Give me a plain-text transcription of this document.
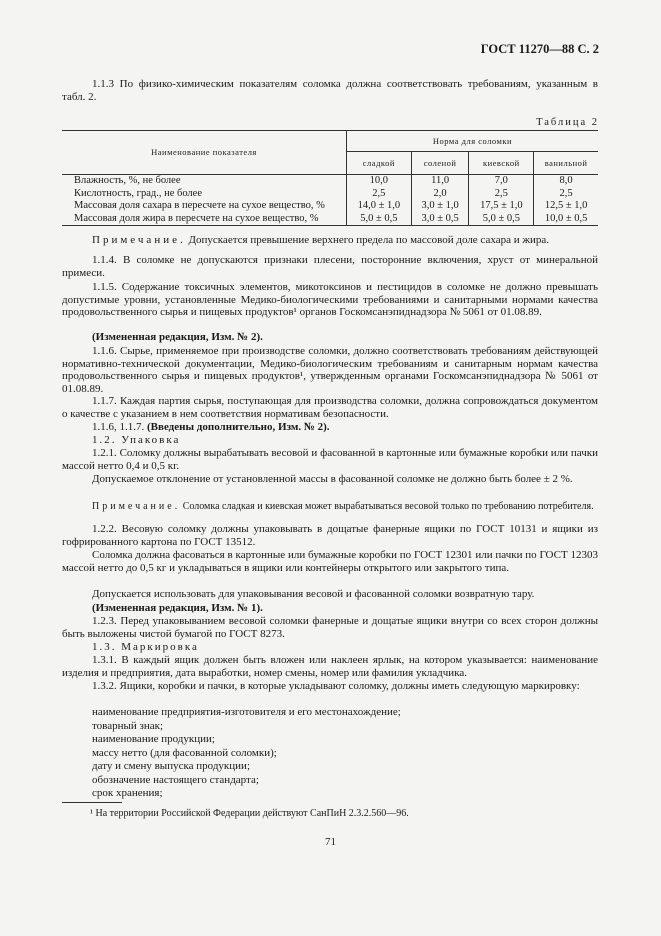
ГОСТ 11270—88 С. 2
1.1.3 По физико-химическим показателям соломка должна соответствовать требованиям, указанным в табл. 2.
Таблица 2
Наименование показателя	Норма для соломки			
	сладкой	соленой	киевской	ванильной
Влажность, %, не более	10,0	11,0	7,0	8,0
Кислотность, град., не более	2,5	2,0	2,5	2,5
Массовая доля сахара в пересчете на сухое вещество, %	14,0 ± 1,0	3,0 ± 1,0	17,5 ± 1,0	12,5 ± 1,0
Массовая доля жира в пересчете на сухое вещество, %	5,0 ± 0,5	3,0 ± 0,5	5,0 ± 0,5	10,0 ± 0,5
Примечание. Допускается превышение верхнего предела по массовой доле сахара и жира.
1.1.4. В соломке не допускаются признаки плесени, посторонние включения, хруст от минеральной примеси.
1.1.5. Содержание токсичных элементов, микотоксинов и пестицидов в соломке не должно превышать допустимые уровни, установленные Медико-биологическими требованиями и санитарными нормами качества продовольственного сырья и пищевых продуктов¹ органов Госкомсанэпиднадзора № 5061 от 01.08.89.
(Измененная редакция, Изм. № 2).
1.1.6. Сырье, применяемое при производстве соломки, должно соответствовать требованиям действующей нормативно-технической документации, Медико-биологическим требованиям и санитарным нормам качества продовольственного сырья и пищевых продуктов¹, утвержденным органами Госкомсанэпиднадзора № 5061 от 01.08.89.
1.1.7. Каждая партия сырья, поступающая для производства соломки, должна сопровождаться документом о качестве с указанием в нем соответствия нормативам безопасности.
1.1.6, 1.1.7. (Введены дополнительно, Изм. № 2).
1.2. Упаковка
1.2.1. Соломку должны вырабатывать весовой и фасованной в картонные или бумажные коробки или пачки массой нетто 0,4 и 0,5 кг.
Допускаемое отклонение от установленной массы в фасованной соломке не должно быть более ± 2 %.
Примечание. Соломка сладкая и киевская может вырабатываться весовой только по требованию потребителя.
1.2.2. Весовую соломку должны упаковывать в дощатые фанерные ящики по ГОСТ 10131 и ящики из гофрированного картона по ГОСТ 13512.
Соломка должна фасоваться в картонные или бумажные коробки по ГОСТ 12301 или пачки по ГОСТ 12303 массой нетто до 0,5 кг и укладываться в ящики или контейнеры открытого или закрытого типа.
Допускается использовать для упаковывания весовой и фасованной соломки возвратную тару.
(Измененная редакция, Изм. № 1).
1.2.3. Перед упаковыванием весовой соломки фанерные и дощатые ящики внутри со всех сторон должны быть выложены чистой бумагой по ГОСТ 8273.
1.3. Маркировка
1.3.1. В каждый ящик должен быть вложен или наклеен ярлык, на котором указывается: наименование изделия и предприятия, дата выработки, номер смены, номер или фамилия укладчика.
1.3.2. Ящики, коробки и пачки, в которые укладывают соломку, должны иметь следующую маркировку:
наименование предприятия-изготовителя и его местонахождение;
товарный знак;
наименование продукции;
массу нетто (для фасованной соломки);
дату и смену выпуска продукции;
обозначение настоящего стандарта;
срок хранения;
¹ На территории Российской Федерации действуют СанПиН 2.3.2.560—96.
71
